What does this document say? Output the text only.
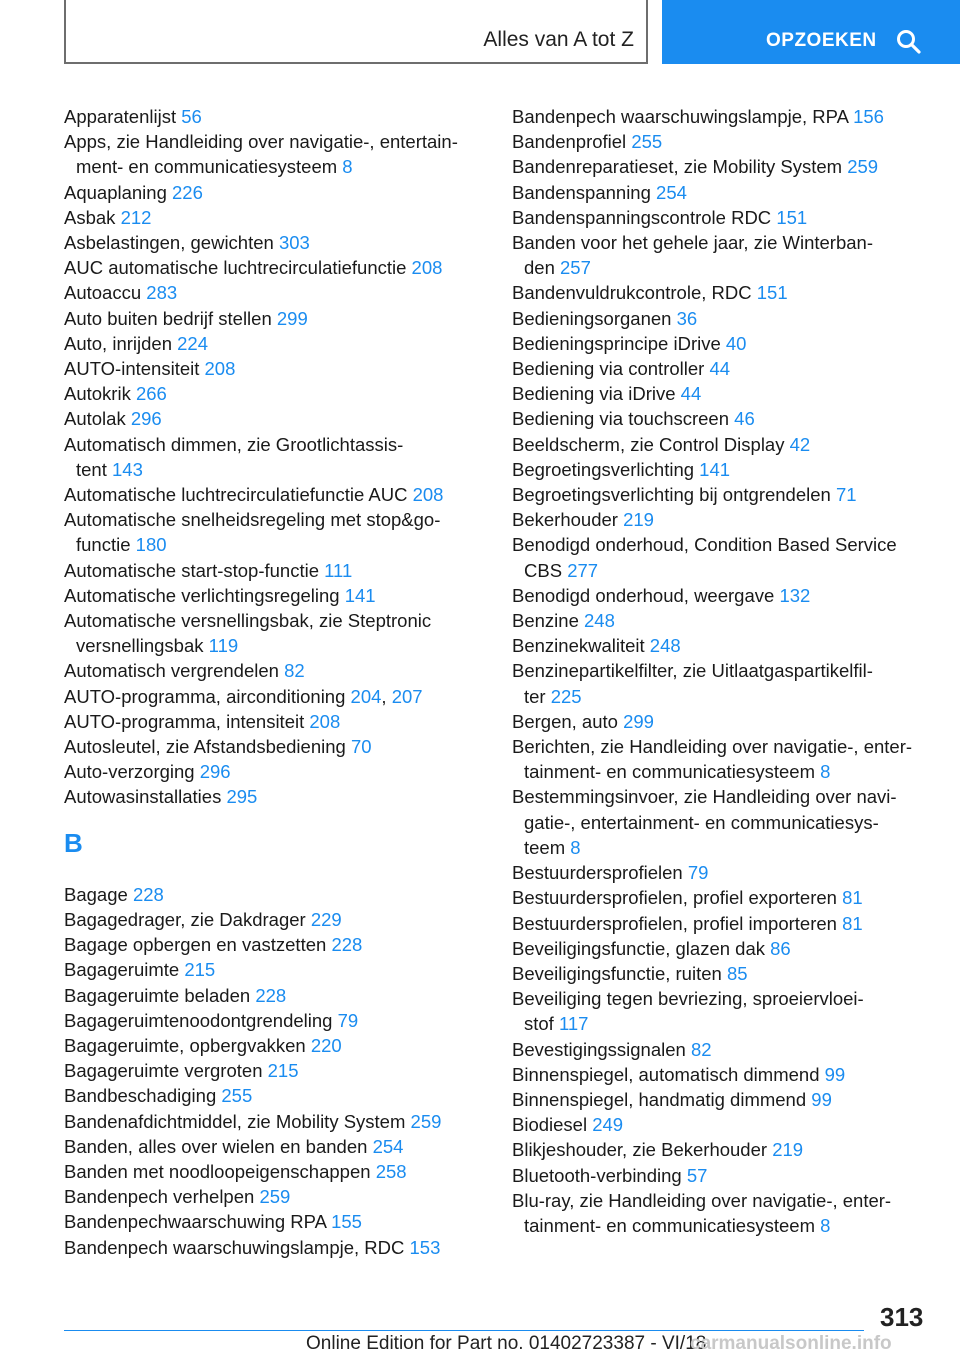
Alles van A tot Z	OPZOEKEN
Apparatenlijst 56
Apps, zie Handleiding over navigatie-, entertain-
ment- en communicatiesysteem 8
Aquaplaning 226
Asbak 212
Asbelastingen, gewichten 303
AUC automatische luchtrecirculatiefunctie 208
Autoaccu 283
Auto buiten bedrijf stellen 299
Auto, inrijden 224
AUTO-intensiteit 208
Autokrik 266
Autolak 296
Automatisch dimmen, zie Grootlichtassis-
tent 143
Automatische luchtrecirculatiefunctie AUC 208
Automatische snelheidsregeling met stop&go-
functie 180
Automatische start-stop-functie 111
Automatische verlichtingsregeling 141
Automatische versnellingsbak, zie Steptronic
versnellingsbak 119
Automatisch vergrendelen 82
AUTO-programma, airconditioning 204, 207
AUTO-programma, intensiteit 208
Autosleutel, zie Afstandsbediening 70
Auto-verzorging 296
Autowasinstallaties 295
B
Bagage 228
Bagagedrager, zie Dakdrager 229
Bagage opbergen en vastzetten 228
Bagageruimte 215
Bagageruimte beladen 228
Bagageruimtenoodontgrendeling 79
Bagageruimte, opbergvakken 220
Bagageruimte vergroten 215
Bandbeschadiging 255
Bandenafdichtmiddel, zie Mobility System 259
Banden, alles over wielen en banden 254
Banden met noodloopeigenschappen 258
Bandenpech verhelpen 259
Bandenpechwaarschuwing RPA 155
Bandenpech waarschuwingslampje, RDC 153
Bandenpech waarschuwingslampje, RPA 156
Bandenprofiel 255
Bandenreparatieset, zie Mobility System 259
Bandenspanning 254
Bandenspanningscontrole RDC 151
Banden voor het gehele jaar, zie Winterban-
den 257
Bandenvuldrukcontrole, RDC 151
Bedieningsorganen 36
Bedieningsprincipe iDrive 40
Bediening via controller 44
Bediening via iDrive 44
Bediening via touchscreen 46
Beeldscherm, zie Control Display 42
Begroetingsverlichting 141
Begroetingsverlichting bij ontgrendelen 71
Bekerhouder 219
Benodigd onderhoud, Condition Based Service
CBS 277
Benodigd onderhoud, weergave 132
Benzine 248
Benzinekwaliteit 248
Benzinepartikelfilter, zie Uitlaatgaspartikelfil-
ter 225
Bergen, auto 299
Berichten, zie Handleiding over navigatie-, enter-
tainment- en communicatiesysteem 8
Bestemmingsinvoer, zie Handleiding over navi-
gatie-, entertainment- en communicatiesys-
teem 8
Bestuurdersprofielen 79
Bestuurdersprofielen, profiel exporteren 81
Bestuurdersprofielen, profiel importeren 81
Beveiligingsfunctie, glazen dak 86
Beveiligingsfunctie, ruiten 85
Beveiliging tegen bevriezing, sproeiervloei-
stof 117
Bevestigingssignalen 82
Binnenspiegel, automatisch dimmend 99
Binnenspiegel, handmatig dimmend 99
Biodiesel 249
Blikjeshouder, zie Bekerhouder 219
Bluetooth-verbinding 57
Blu-ray, zie Handleiding over navigatie-, enter-
tainment- en communicatiesysteem 8
313
Online Edition for Part no. 01402723387 - VI/18
carmanualsonline.info
